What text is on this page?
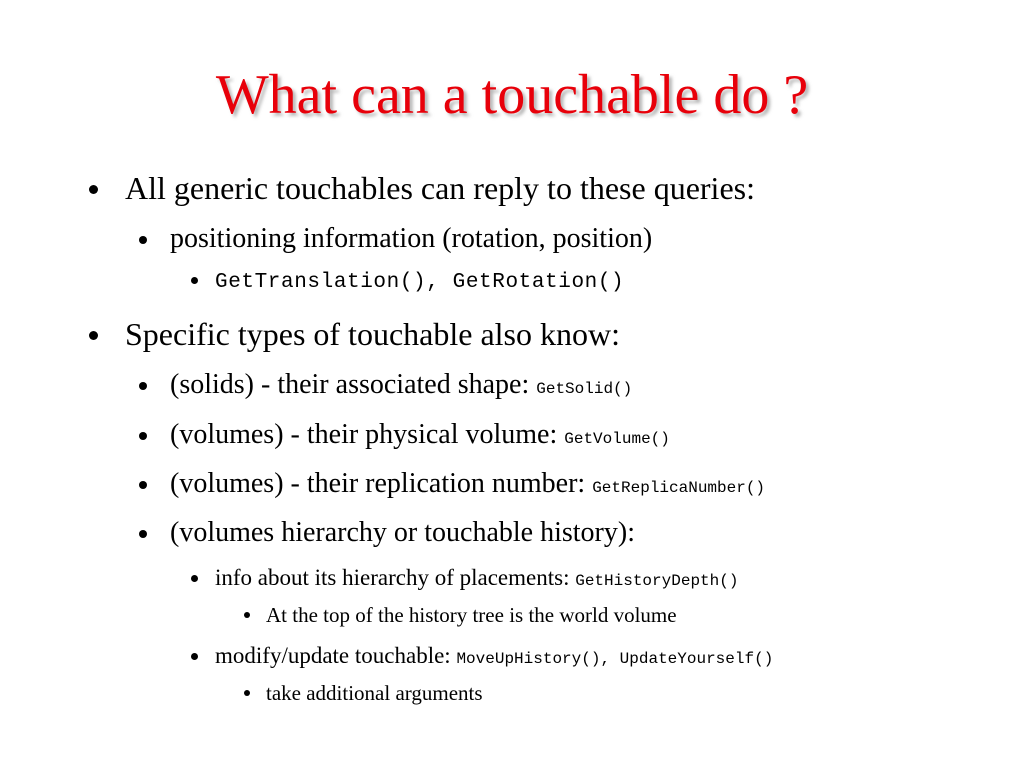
What can a touchable do ?
All generic touchables can reply to these queries:
positioning information (rotation, position)
GetTranslation(), GetRotation()
Specific types of touchable also know:
(solids) - their associated shape: GetSolid()
(volumes) - their physical volume: GetVolume()
(volumes) - their replication number: GetReplicaNumber()
(volumes hierarchy or touchable history):
info about its hierarchy of placements: GetHistoryDepth()
At the top of the history tree is the world volume
modify/update touchable: MoveUpHistory(), UpdateYourself()
take additional arguments
